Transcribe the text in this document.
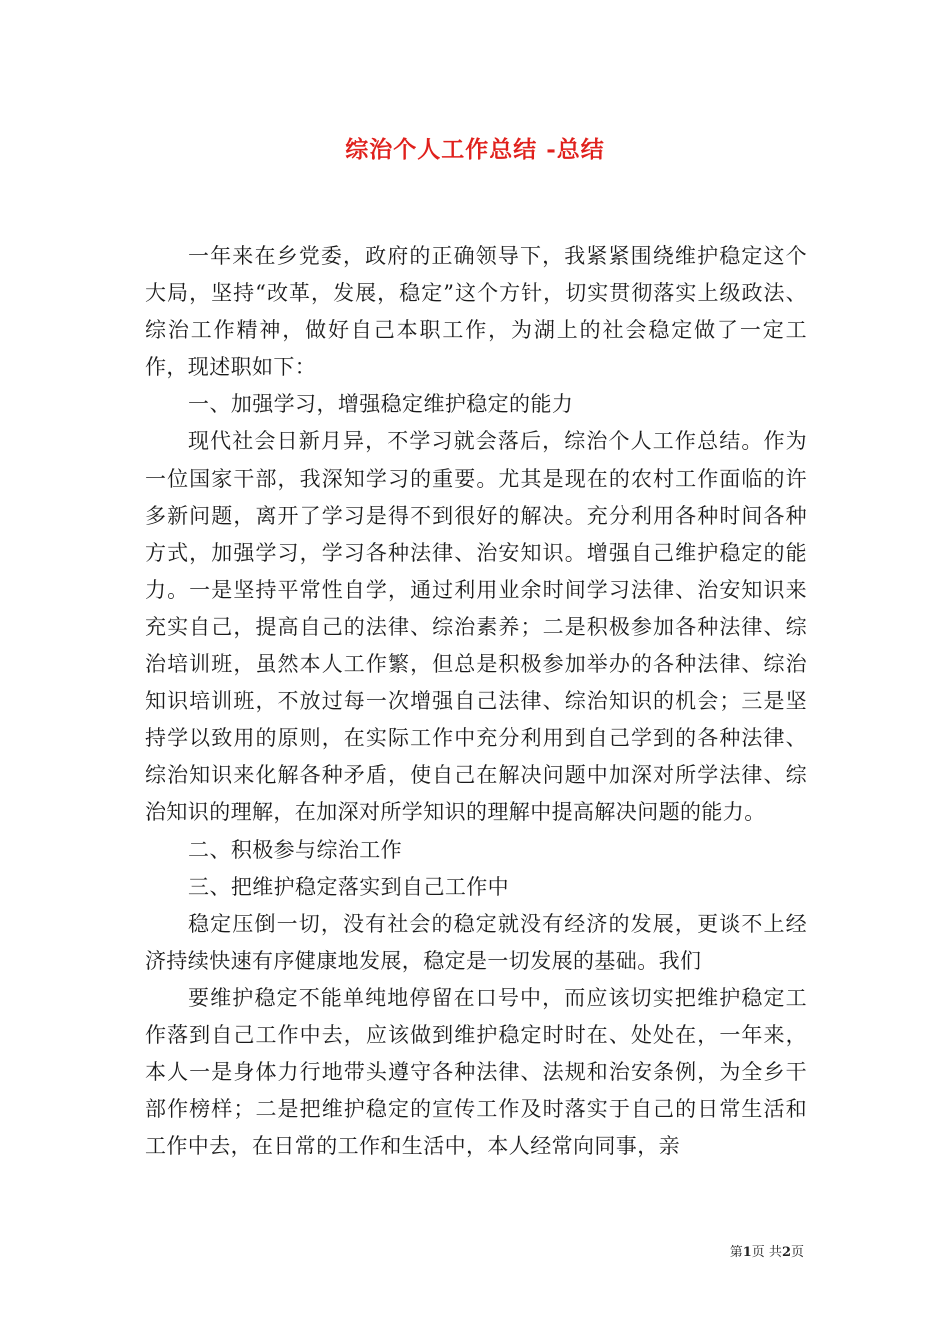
综治个人工作总结 -总结

一年来在乡党委，政府的正确领导下，我紧紧围绕维护稳定这个大局，坚持“改革，发展，稳定”这个方针，切实贯彻落实上级政法、综治工作精神，做好自己本职工作，为湖上的社会稳定做了一定工作，现述职如下：

一、加强学习，增强稳定维护稳定的能力

现代社会日新月异，不学习就会落后，综治个人工作总结。作为一位国家干部，我深知学习的重要。尤其是现在的农村工作面临的许多新问题，离开了学习是得不到很好的解决。充分利用各种时间各种方式，加强学习，学习各种法律、治安知识。增强自己维护稳定的能力。一是坚持平常性自学，通过利用业余时间学习法律、治安知识来充实自己，提高自己的法律、综治素养；二是积极参加各种法律、综治培训班，虽然本人工作繁，但总是积极参加举办的各种法律、综治知识培训班，不放过每一次增强自己法律、综治知识的机会；三是坚持学以致用的原则，在实际工作中充分利用到自己学到的各种法律、综治知识来化解各种矛盾，使自己在解决问题中加深对所学法律、综治知识的理解，在加深对所学知识的理解中提高解决问题的能力。

二、积极参与综治工作

三、把维护稳定落实到自己工作中

稳定压倒一切，没有社会的稳定就没有经济的发展，更谈不上经济持续快速有序健康地发展，稳定是一切发展的基础。我们

要维护稳定不能单纯地停留在口号中，而应该切实把维护稳定工作落到自己工作中去，应该做到维护稳定时时在、处处在，一年来，本人一是身体力行地带头遵守各种法律、法规和治安条例，为全乡干部作榜样；二是把维护稳定的宣传工作及时落实于自己的日常生活和工作中去，在日常的工作和生活中，本人经常向同事，亲

第1页 共2页
